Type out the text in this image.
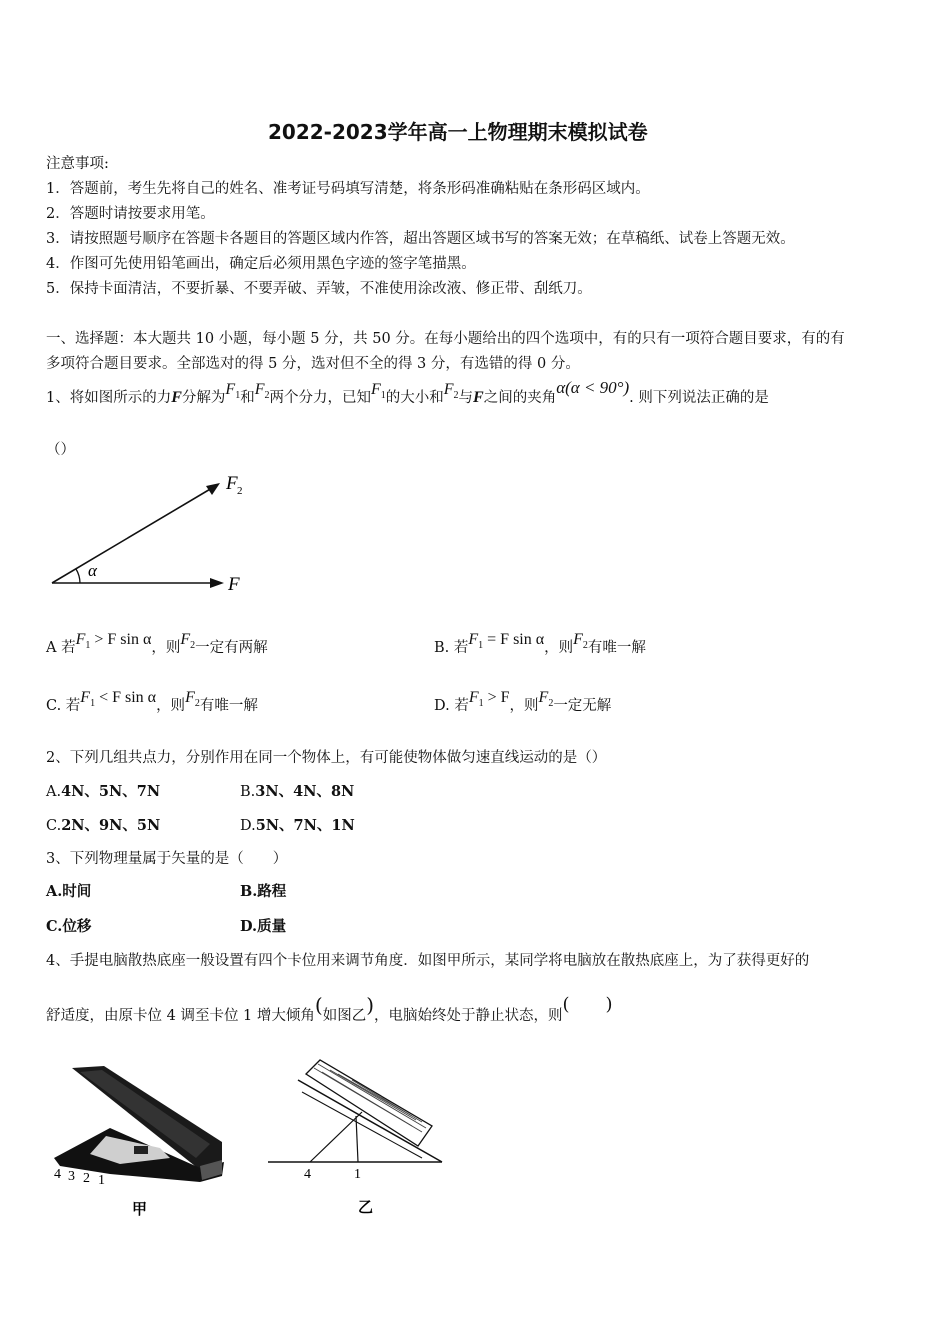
2022-2023学年高一上物理期末模拟试卷
注意事项:
1．答题前，考生先将自己的姓名、准考证号码填写清楚，将条形码准确粘贴在条形码区域内。
2．答题时请按要求用笔。
3．请按照题号顺序在答题卡各题目的答题区域内作答，超出答题区域书写的答案无效；在草稿纸、试卷上答题无效。
4．作图可先使用铅笔画出，确定后必须用黑色字迹的签字笔描黑。
5．保持卡面清洁，不要折暴、不要弄破、弄皱，不准使用涂改液、修正带、刮纸刀。
一、选择题：本大题共 10 小题，每小题 5 分，共 50 分。在每小题给出的四个选项中，有的只有一项符合题目要求，有的有
多项符合题目要求。全部选对的得 5 分，选对但不全的得 3 分，有选错的得 0 分。
1、将如图所示的力F分解为$F_1$和$F_2$两个分力，已知$F_1$的大小和$F_2$与F之间的夹角α(α < 90°). 则下列说法正确的是
（）
α
F 2
F
A 若$F_1 > F$ sin α，则$F_2$一定有两解	B. 若$F_1 = F$ sin α，则$F_2$有唯一解
C. 若$F_1 < F$ sin α，则$F_2$有唯一解	D. 若$F_1 > F$，则$F_2$一定无解
2、下列几组共点力，分别作用在同一个物体上，有可能使物体做匀速直线运动的是（）
A.4N、5N、7N	B.3N、4N、8N
C.2N、9N、5N	D.5N、7N、1N
3、下列物理量属于矢量的是（　　）
A.时间	B.路程
C.位移	D.质量
4、手提电脑散热底座一般设置有四个卡位用来调节角度．如图甲所示，某同学将电脑放在散热底座上，为了获得更好的
舒适度，由原卡位 4 调至卡位 1 增大倾角(如图乙)，电脑始终处于静止状态，则(　　)
4 3 2 1
甲
4	1
乙
